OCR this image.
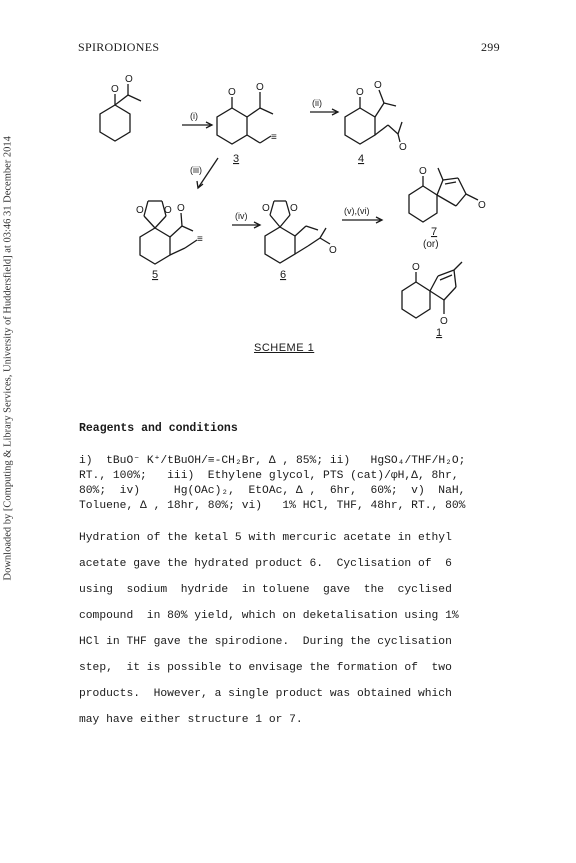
SPIRODIONES	299
Downloaded by [Computing & Library Services, University of Huddersfield] at 03:46 31 December 2014
O
O
O O	O
O
O
O O O	O O
O
O
O
O
O
≡
≡
(i)
(ii)
(iii)
(iv)	(v),(vi)
3	4
5	6
7
(or)
1
SCHEME 1
Reagents and conditions
i)  tBuO⁻ K⁺/tBuOH/≡-CH₂Br, Δ , 85%; ii)   HgSO₄/THF/H₂O;
RT., 100%;   iii)  Ethylene glycol, PTS (cat)/φH,Δ, 8hr,
80%;  iv)     Hg(OAc)₂,  EtOAc, Δ ,  6hr,  60%;  v)  NaH,
Toluene, Δ , 18hr, 80%; vi)   1% HCl, THF, 48hr, RT., 80%
Hydration of the ketal 5 with mercuric acetate in ethyl
acetate gave the hydrated product 6.  Cyclisation of  6
using  sodium  hydride  in toluene  gave  the  cyclised
compound  in 80% yield, which on deketalisation using 1%
HCl in THF gave the spirodione.  During the cyclisation
step,  it is possible to envisage the formation of  two
products.  However, a single product was obtained which
may have either structure 1 or 7.
